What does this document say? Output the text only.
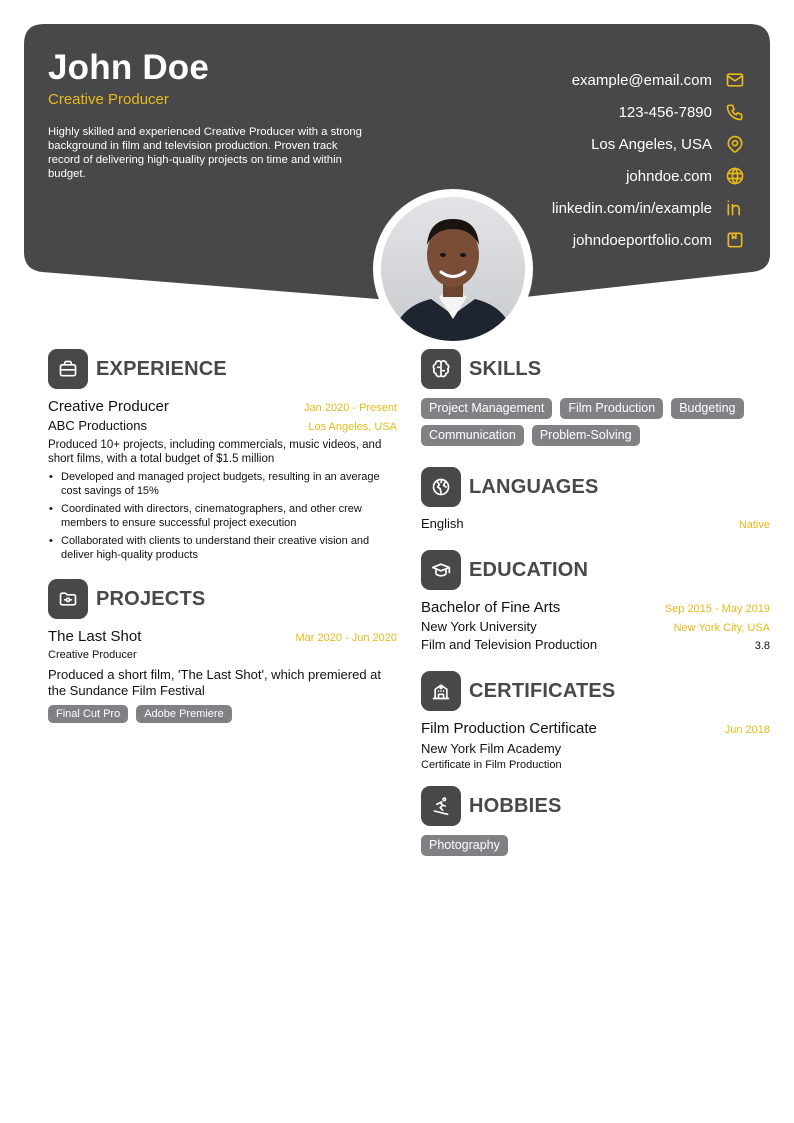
John Doe
Creative Producer
Highly skilled and experienced Creative Producer with a strong background in film and television production. Proven track record of delivering high-quality projects on time and within budget.
example@email.com
123-456-7890
Los Angeles, USA
johndoe.com
linkedin.com/in/example
johndoeportfolio.com
EXPERIENCE
Creative Producer	Jan 2020 - Present
ABC Productions	Los Angeles, USA
Produced 10+ projects, including commercials, music videos, and short films, with a total budget of $1.5 million
• Developed and managed project budgets, resulting in an average cost savings of 15%
• Coordinated with directors, cinematographers, and other crew members to ensure successful project execution
• Collaborated with clients to understand their creative vision and deliver high-quality products
PROJECTS
The Last Shot	Mar 2020 - Jun 2020
Creative Producer
Produced a short film, 'The Last Shot', which premiered at the Sundance Film Festival
Final Cut Pro	Adobe Premiere
SKILLS
Project Management	Film Production	Budgeting
Communication	Problem-Solving
LANGUAGES
English	Native
EDUCATION
Bachelor of Fine Arts	Sep 2015 - May 2019
New York University	New York City, USA
Film and Television Production	3.8
CERTIFICATES
Film Production Certificate	Jun 2018
New York Film Academy
Certificate in Film Production
HOBBIES
Photography
